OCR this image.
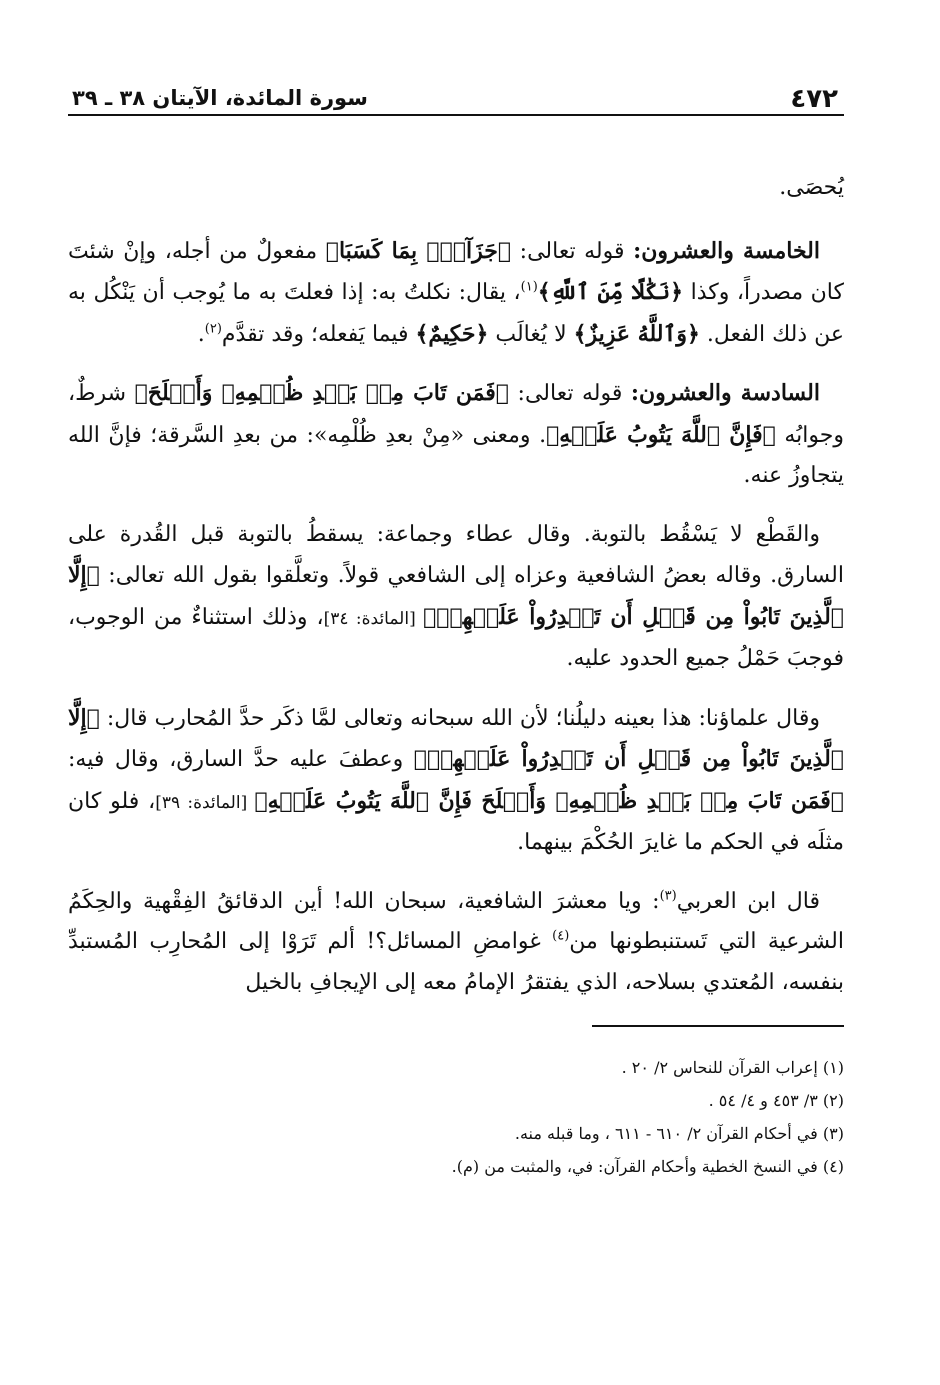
٤٧٢
سورة المائدة، الآيتان ٣٨ ـ ٣٩

يُحصَى.

الخامسة والعشرون: قوله تعالى: ﴿جَزَآءَۢ بِمَا كَسَبَا﴾ مفعولٌ من أجله، وإنْ شئتَ كان مصدراً، وكذا ﴿نَكَٰلًا مِّنَ ٱللَّهِ﴾$^{(١)}$، يقال: نكلتُ به: إذا فعلتَ به ما يُوجب أن يَنْكُل به عن ذلك الفعل. ﴿وَٱللَّهُ عَزِيزٌ﴾ لا يُغالَب ﴿حَكِيمٌ﴾ فيما يَفعله؛ وقد تقدَّم$^{(٢)}$.

السادسة والعشرون: قوله تعالى: ﴿فَمَن تَابَ مِنۢ بَعۡدِ ظُلۡمِهِۦ وَأَصۡلَحَ﴾ شرطٌ، وجوابُه ﴿فَإِنَّ ٱللَّهَ يَتُوبُ عَلَيۡهِ﴾. ومعنى «مِنْ بعدِ ظُلْمِه»: من بعدِ السَّرقة؛ فإنَّ الله يتجاوزُ عنه.

والقَطْع لا يَسْقُط بالتوبة. وقال عطاء وجماعة: يسقطُ بالتوبة قبل القُدرة على السارق. وقاله بعضُ الشافعية وعزاه إلى الشافعي قولاً. وتعلَّقوا بقول الله تعالى: ﴿إِلَّا ٱلَّذِينَ تَابُواْ مِن قَبۡلِ أَن تَقۡدِرُواْ عَلَيۡهِمۡ﴾ [المائدة: ٣٤]، وذلك استثناءٌ من الوجوب، فوجبَ حَمْلُ جميع الحدود عليه.

وقال علماؤنا: هذا بعينه دليلُنا؛ لأن الله سبحانه وتعالى لمَّا ذكَر حدَّ المُحارب قال: ﴿إِلَّا ٱلَّذِينَ تَابُواْ مِن قَبۡلِ أَن تَقۡدِرُواْ عَلَيۡهِمۡ﴾ وعطفَ عليه حدَّ السارق، وقال فيه: ﴿فَمَن تَابَ مِنۢ بَعۡدِ ظُلۡمِهِۦ وَأَصۡلَحَ فَإِنَّ ٱللَّهَ يَتُوبُ عَلَيۡهِ﴾ [المائدة: ٣٩]، فلو كان مثلَه في الحكم ما غايرَ الحُكْمَ بينهما.

قال ابن العربي$^{(٣)}$: ويا معشرَ الشافعية، سبحان الله! أين الدقائقُ الفِقْهية والحِكَمُ الشرعية التي تَستنبطونها من$^{(٤)}$ غوامضِ المسائل؟! ألم تَرَوْا إلى المُحارِب المُستبدِّ بنفسه، المُعتدي بسلاحه، الذي يفتقرُ الإمامُ معه إلى الإيجافِ بالخيل

(١) إعراب القرآن للنحاس ٢/ ٢٠ .

(٢) ٣/ ٤٥٣ و ٤/ ٥٤ .

(٣) في أحكام القرآن ٢/ ٦١٠ - ٦١١ ، وما قبله منه.

(٤) في النسخ الخطية وأحكام القرآن: في، والمثبت من (م).
